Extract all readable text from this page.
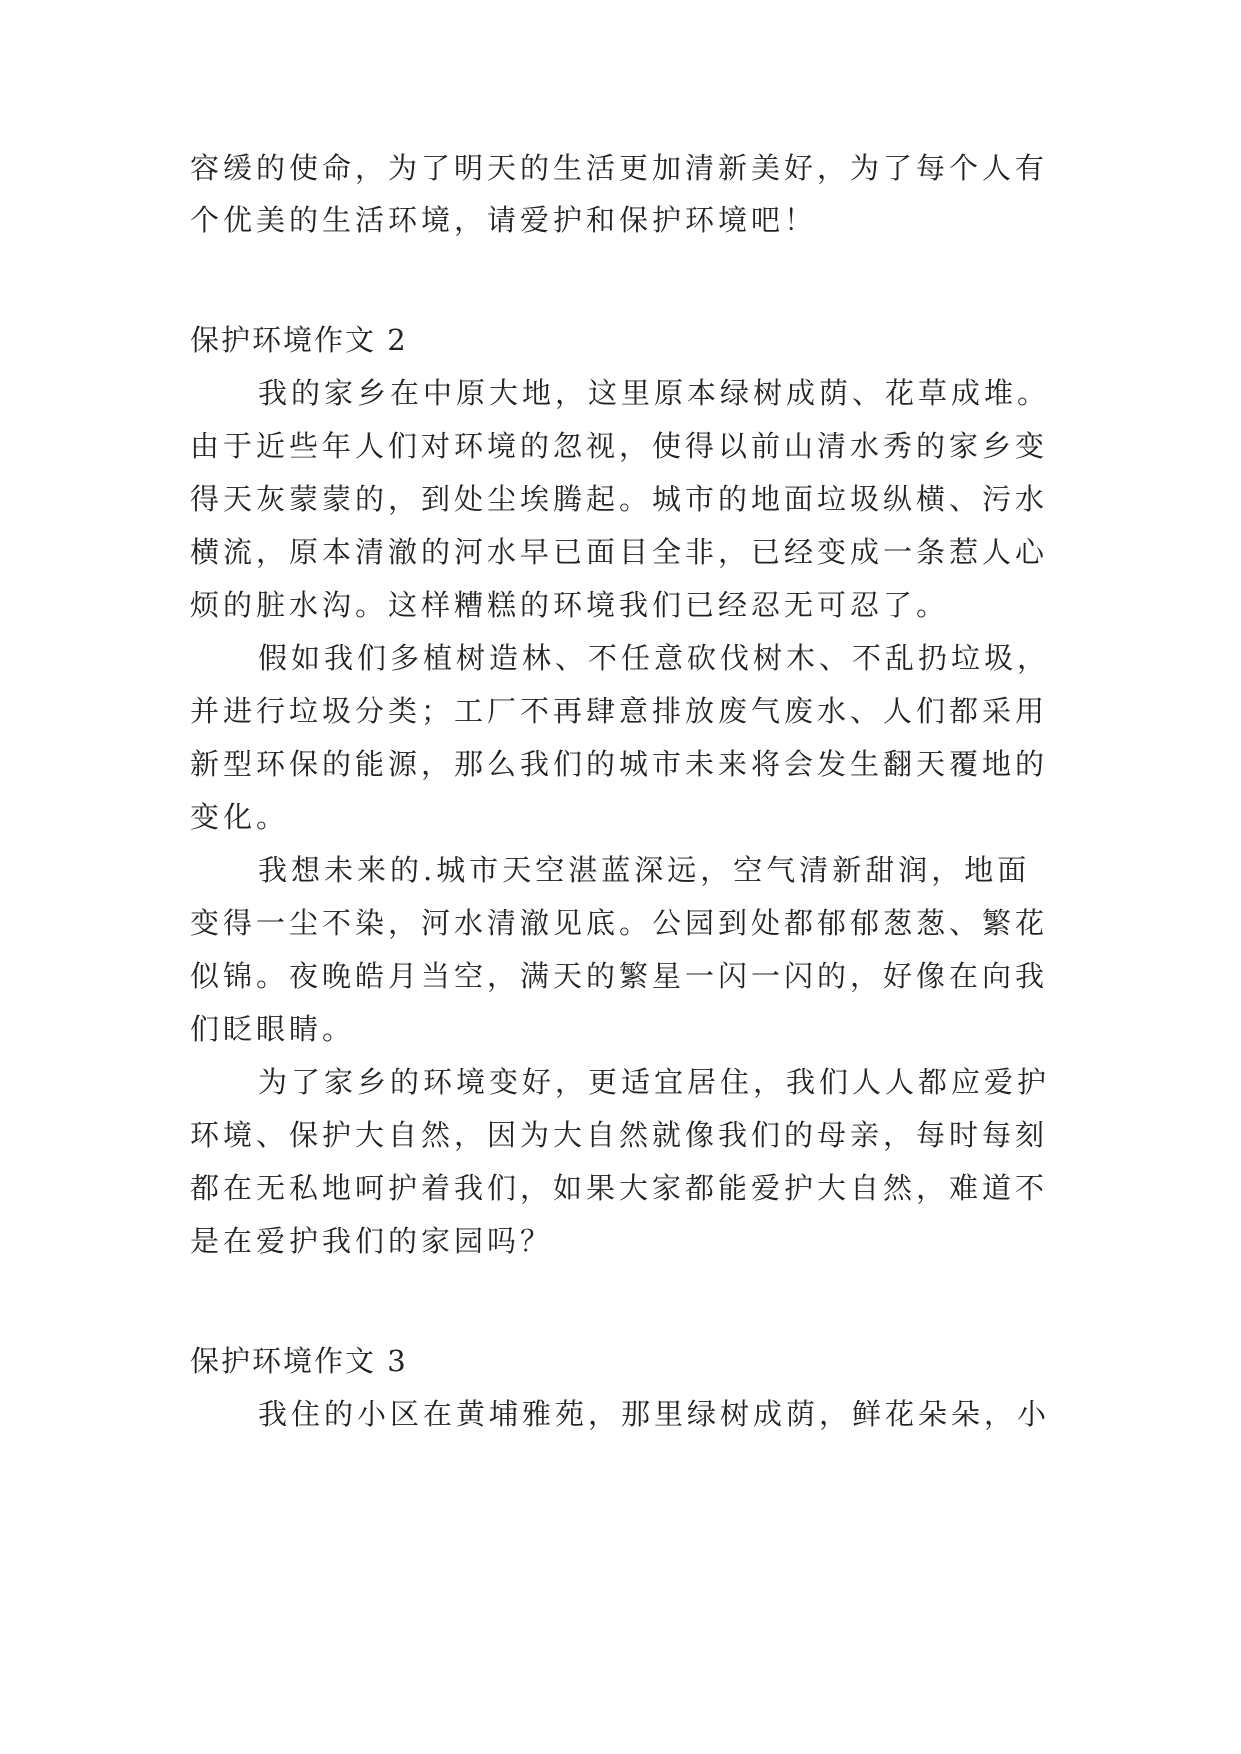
容缓的使命，为了明天的生活更加清新美好，为了每个人有
个优美的生活环境，请爱护和保护环境吧！
保护环境作文 2
我的家乡在中原大地，这里原本绿树成荫、花草成堆。
由于近些年人们对环境的忽视，使得以前山清水秀的家乡变
得天灰蒙蒙的，到处尘埃腾起。城市的地面垃圾纵横、污水
横流，原本清澈的河水早已面目全非，已经变成一条惹人心
烦的脏水沟。这样糟糕的环境我们已经忍无可忍了。
假如我们多植树造林、不任意砍伐树木、不乱扔垃圾，
并进行垃圾分类；工厂不再肆意排放废气废水、人们都采用
新型环保的能源，那么我们的城市未来将会发生翻天覆地的
变化。
我想未来的.城市天空湛蓝深远，空气清新甜润，地面
变得一尘不染，河水清澈见底。公园到处都郁郁葱葱、繁花
似锦。夜晚皓月当空，满天的繁星一闪一闪的，好像在向我
们眨眼睛。
为了家乡的环境变好，更适宜居住，我们人人都应爱护
环境、保护大自然，因为大自然就像我们的母亲，每时每刻
都在无私地呵护着我们，如果大家都能爱护大自然，难道不
是在爱护我们的家园吗？
保护环境作文 3
我住的小区在黄埔雅苑，那里绿树成荫，鲜花朵朵，小
